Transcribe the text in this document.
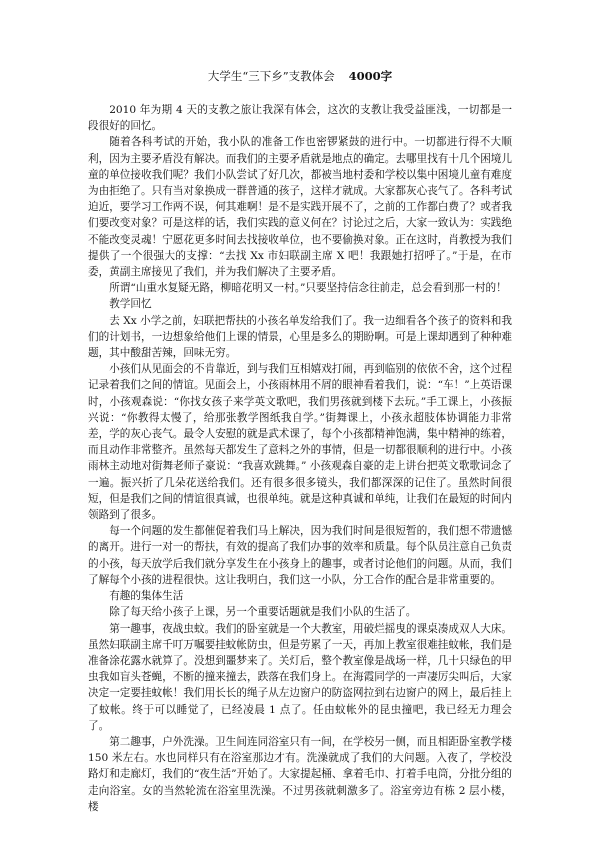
大学生“三下乡”支教体会 4000字

2010 年为期 4 天的支教之旅让我深有体会，这次的支教让我受益匪浅，一切都是一段很好的回忆。

随着各科考试的开始，我小队的准备工作也密锣紧鼓的进行中。一切都进行得不大顺利，因为主要矛盾没有解决。而我们的主要矛盾就是地点的确定。去哪里找有十几个困境儿童的单位接收我们呢？我们小队尝试了好几次，都被当地村委和学校以集中困境儿童有难度为由拒绝了。只有当对象换成一群普通的孩子，这样才就成。大家都灰心丧气了。各科考试迫近，要学习工作两不误，何其难啊！是不是实践开展不了，之前的工作都白费了？或者我们要改变对象？可是这样的话，我们实践的意义何在？讨论过之后，大家一致认为：实践绝不能改变灵魂！宁愿花更多时间去找接收单位，也不要偷换对象。正在这时，肖教授为我们提供了一个很强大的支撑：“去找 Xx 市妇联副主席 X 吧！我跟她打招呼了。”于是，在市委，黄副主席接见了我们，并为我们解决了主要矛盾。

所谓“山重水复疑无路，柳暗花明又一村。”只要坚持信念往前走，总会看到那一村的！

教学回忆

去 Xx 小学之前，妇联把帮扶的小孩名单发给我们了。我一边细看各个孩子的资料和我们的计划书，一边想象给他们上课的情景，心里是多么的期盼啊。可是上课却遇到了种种难题，其中酸甜苦辣，回味无穷。

小孩们从见面会的不肯靠近，到与我们互相嬉戏打闹，再到临别的依依不舍，这个过程记录着我们之间的情谊。见面会上，小孩雨林用不屑的眼神看着我们，说：“车！”上英语课时，小孩观森说：“你找女孩子来学英文歌吧，我们男孩就到楼下去玩。”手工课上，小孩振兴说：“你教得太慢了，给那张教学图纸我自学。”街舞课上，小孩永超肢体协调能力非常差，学的灰心丧气。最令人安慰的就是武术课了，每个小孩都精神饱满，集中精神的练着，而且动作非常整齐。虽然每天都发生了意料之外的事情，但是一切都很顺利的进行中。小孩雨林主动地对街舞老师子豪说：“我喜欢跳舞。” 小孩观森自豪的走上讲台把英文歌歌词念了一遍。振兴折了几朵花送给我们。还有很多很多镜头，我们都深深的记住了。虽然时间很短，但是我们之间的情谊很真诚，也很单纯。就是这种真诚和单纯，让我们在最短的时间内领路到了很多。

每一个问题的发生都催促着我们马上解决，因为我们时间是很短暂的，我们想不带遗憾的离开。进行一对一的帮扶，有效的提高了我们办事的效率和质量。每个队员注意自己负责的小孩，每天放学后我们就分享发生在小孩身上的趣事，或者讨论他们的问题。从而，我们了解每个小孩的进程很快。这让我明白，我们这一小队，分工合作的配合是非常重要的。

有趣的集体生活

除了每天给小孩子上课，另一个重要话题就是我们小队的生活了。

第一趣事，夜战虫蚊。我们的卧室就是一个大教室，用破烂摇曳的课桌凑成双人大床。虽然妇联副主席千叮万嘱要挂蚊帐防虫，但是劳累了一天，再加上教室很难挂蚊帐，我们是准备涂花露水就算了。没想到噩梦来了。关灯后，整个教室像是战场一样，几十只绿色的甲虫我如盲头苍蝇，不断的撞来撞去，跌落在我们身上。在海霞同学的一声凄厉尖叫后，大家决定一定要挂蚊帐！我们用长长的绳子从左边窗户的防盗网拉到右边窗户的网上，最后挂上了蚊帐。终于可以睡觉了，已经凌晨 1 点了。任由蚊帐外的昆虫撞吧，我已经无力理会了。

第二趣事，户外洗澡。卫生间连同浴室只有一间，在学校另一侧，而且相距卧室教学楼 150 米左右。水也同样只有在浴室那边才有。洗澡就成了我们的大问题。入夜了，学校没路灯和走廊灯，我们的“夜生活”开始了。大家提起桶、拿着毛巾、打着手电筒，分批分组的走向浴室。女的当然轮流在浴室里洗澡。不过男孩就刺激多了。浴室旁边有栋 2 层小楼，楼
